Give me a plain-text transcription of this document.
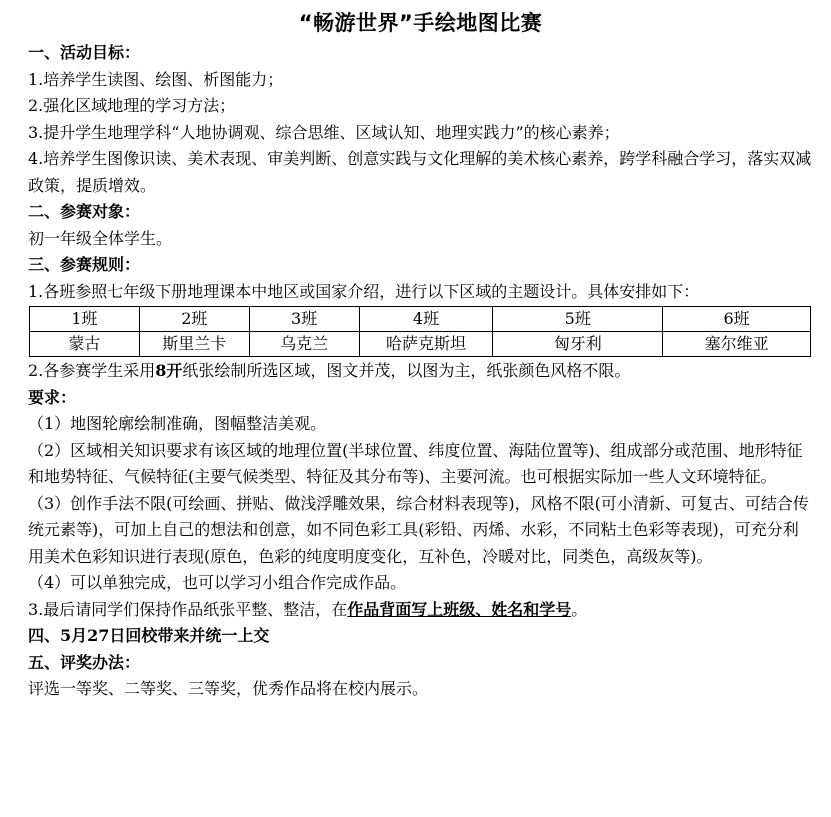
“畅游世界”手绘地图比赛
一、活动目标：

1.培养学生读图、绘图、析图能力；

2.强化区域地理的学习方法；

3.提升学生地理学科“人地协调观、综合思维、区域认知、地理实践力”的核心素养；

4.培养学生图像识读、美术表现、审美判断、创意实践与文化理解的美术核心素养，跨学科融合学习，落实双减政策，提质增效。

二、参赛对象：

初一年级全体学生。

三、参赛规则：

1.各班参照七年级下册地理课本中地区或国家介绍，进行以下区域的主题设计。具体安排如下：

1班	2班	3班	4班	5班	6班
蒙古	斯里兰卡	乌克兰	哈萨克斯坦	匈牙利	塞尔维亚

2.各参赛学生采用8开纸张绘制所选区域，图文并茂，以图为主，纸张颜色风格不限。

要求：

（1）地图轮廓绘制准确，图幅整洁美观。

（2）区域相关知识要求有该区域的地理位置(半球位置、纬度位置、海陆位置等)、组成部分或范围、地形特征和地势特征、气候特征(主要气候类型、特征及其分布等)、主要河流。也可根据实际加一些人文环境特征。

（3）创作手法不限(可绘画、拼贴、做浅浮雕效果，综合材料表现等)，风格不限(可小清新、可复古、可结合传统元素等)，可加上自己的想法和创意，如不同色彩工具(彩铅、丙烯、水彩，不同粘土色彩等表现)，可充分利用美术色彩知识进行表现(原色，色彩的纯度明度变化，互补色，冷暖对比，同类色，高级灰等)。

（4）可以单独完成，也可以学习小组合作完成作品。

3.最后请同学们保持作品纸张平整、整洁，在作品背面写上班级、姓名和学号。

四、5月27日回校带来并统一上交
五、评奖办法：

评选一等奖、二等奖、三等奖，优秀作品将在校内展示。
